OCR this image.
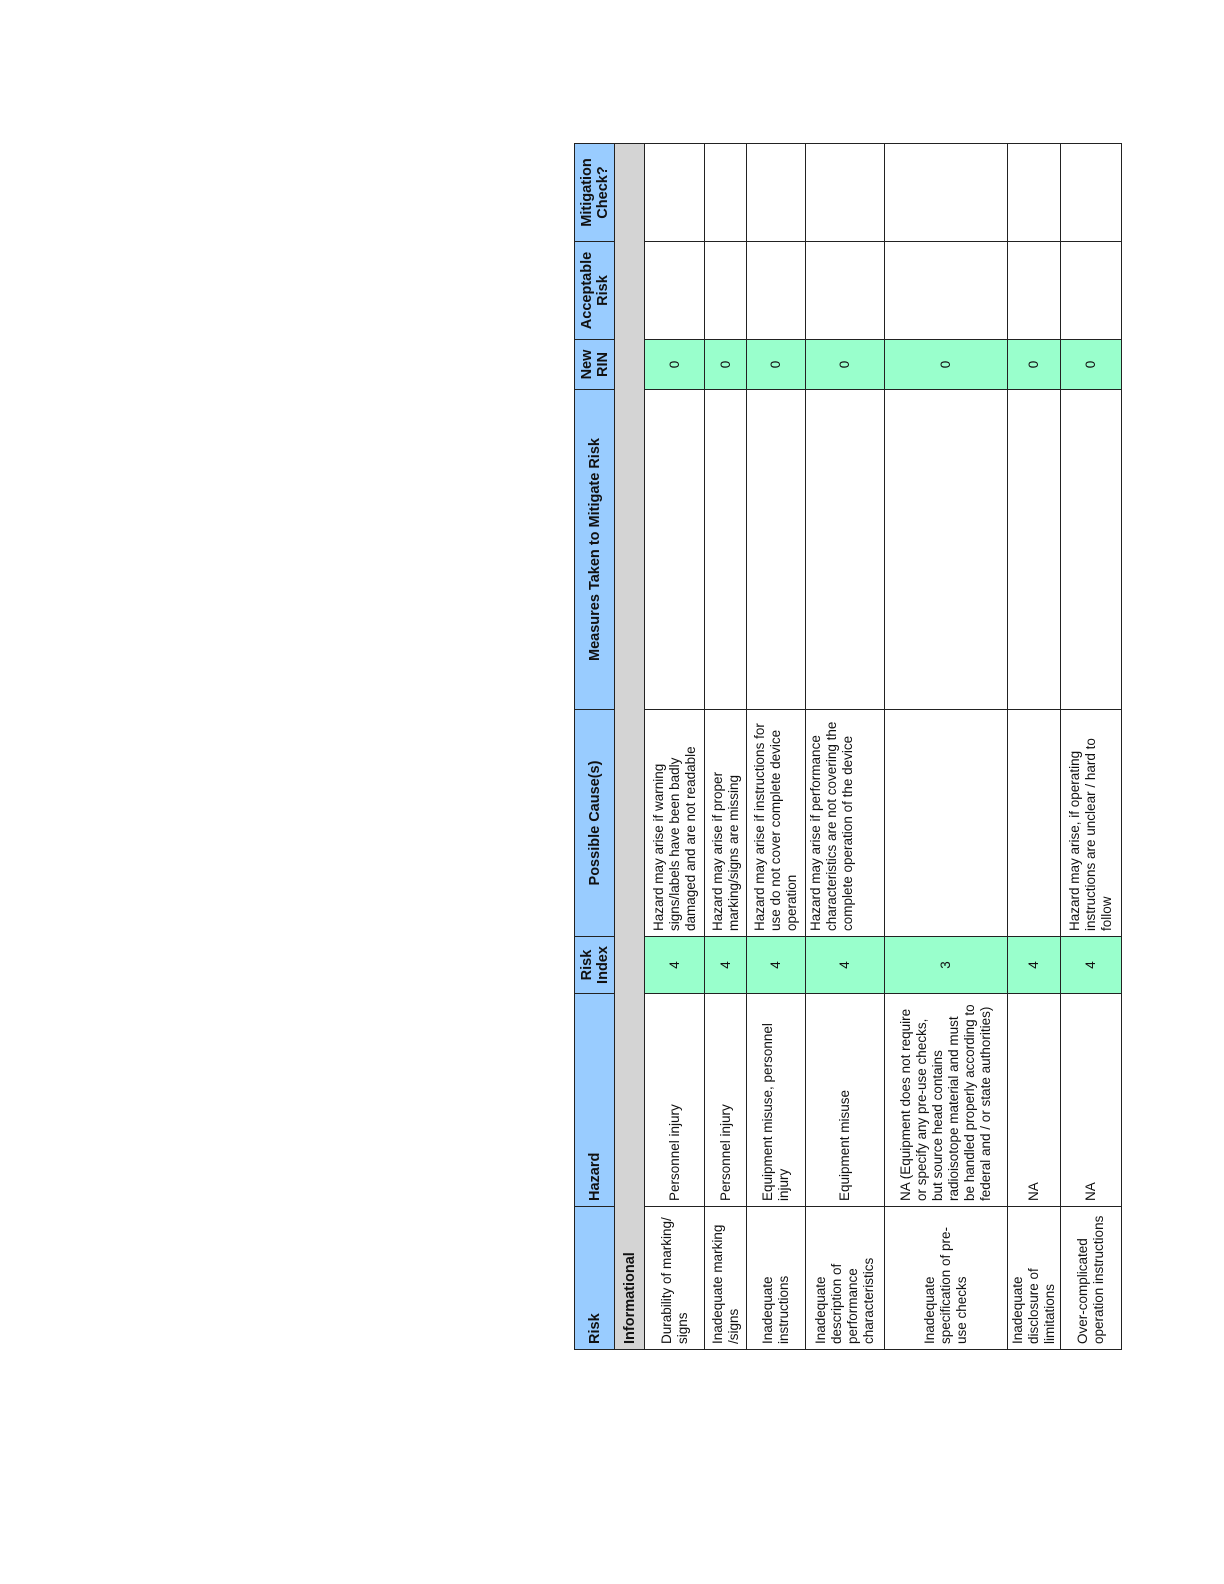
Risk	Hazard	Risk Index	Possible Cause(s)	Measures Taken to Mitigate Risk	New RIN	Acceptable Risk	Mitigation Check?
Informational							
Durability of marking/ signs	Personnel injury	4	Hazard may arise if warning signs/labels have been badly damaged and are not readable		0		
Inadequate marking /signs	Personnel injury	4	Hazard may arise if proper marking/signs are missing		0		
Inadequate instructions	Equipment misuse, personnel injury	4	Hazard may arise if instructions for use do not cover complete device operation		0		
Inadequate description of performance characteristics	Equipment misuse	4	Hazard may arise if performance characteristics are not covering the complete operation of the device		0		
Inadequate specification of pre-use checks	NA (Equipment does not require or specify any pre-use checks, but source head contains radioisotope material and must be handled properly according to federal and / or state authorities)	3			0		
Inadequate disclosure of limitations	NA	4			0		
Over-complicated operation instructions	NA	4	Hazard may arise, if operating instructions are unclear / hard to follow		0		
